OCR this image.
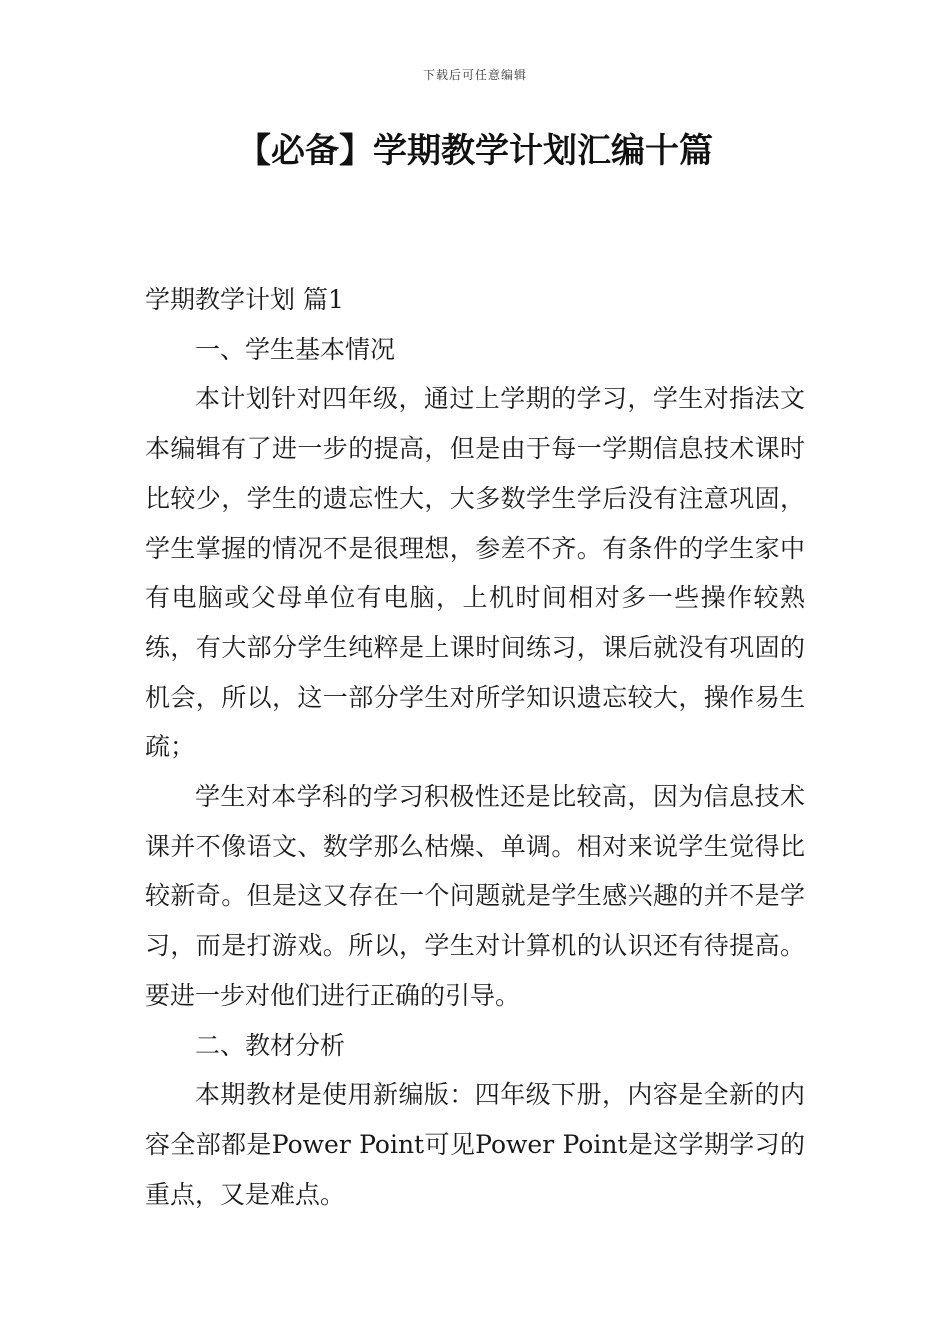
下载后可任意编辑
【必备】学期教学计划汇编十篇

学期教学计划 篇1

一、学生基本情况

本计划针对四年级，通过上学期的学习，学生对指法文本编辑有了进一步的提高，但是由于每一学期信息技术课时比较少，学生的遗忘性大，大多数学生学后没有注意巩固，学生掌握的情况不是很理想，参差不齐。有条件的学生家中有电脑或父母单位有电脑，上机时间相对多一些操作较熟练，有大部分学生纯粹是上课时间练习，课后就没有巩固的机会，所以，这一部分学生对所学知识遗忘较大，操作易生疏；

学生对本学科的学习积极性还是比较高，因为信息技术课并不像语文、数学那么枯燥、单调。相对来说学生觉得比较新奇。但是这又存在一个问题就是学生感兴趣的并不是学习，而是打游戏。所以，学生对计算机的认识还有待提高。要进一步对他们进行正确的引导。

二、教材分析

本期教材是使用新编版：四年级下册，内容是全新的内容全部都是Power Point可见Power Point是这学期学习的重点，又是难点。
